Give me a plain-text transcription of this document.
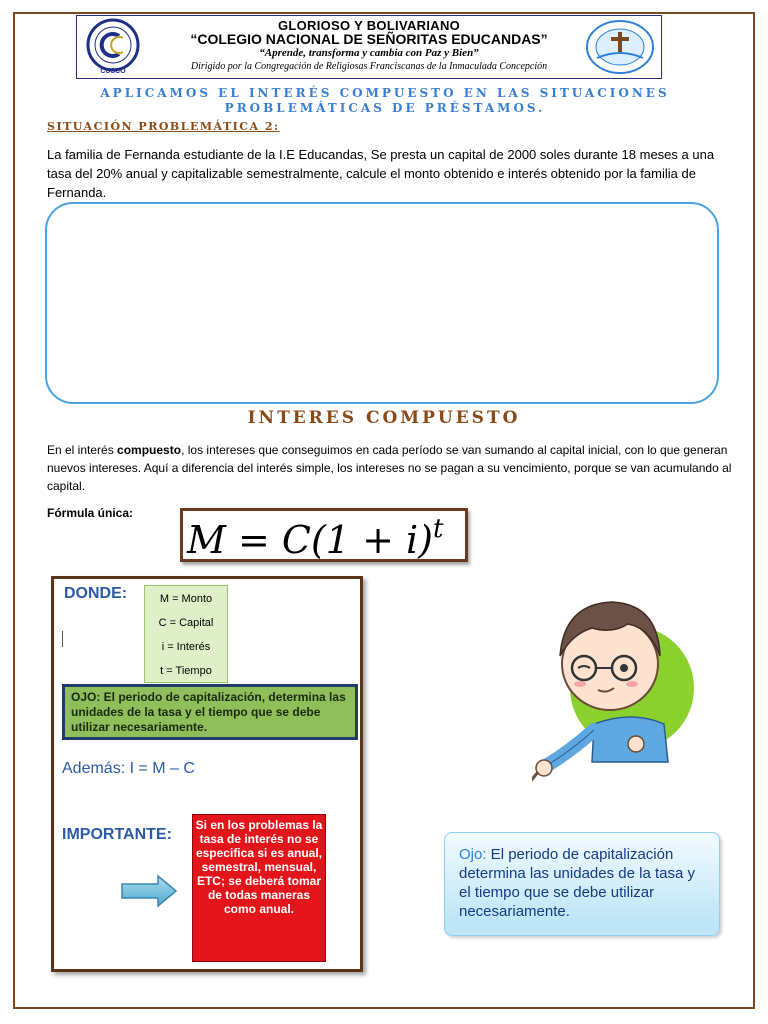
CUSCO
GLORIOSO Y BOLIVARIANO
“COLEGIO NACIONAL DE SEÑORITAS EDUCANDAS”
“Aprende, transforma y cambia con Paz y Bien”
Dirigido por la Congregación de Religiosas Franciscanas de la Inmaculada Concepción
APLICAMOS EL INTERÉS COMPUESTO EN LAS SITUACIONES PROBLEMÁTICAS DE PRÉSTAMOS.
SITUACIÓN PROBLEMÁTICA 2:
La familia de Fernanda estudiante de la I.E Educandas, Se presta un capital de 2000 soles durante 18 meses a una tasa del 20% anual y capitalizable semestralmente, calcule el monto obtenido e interés obtenido por la familia de Fernanda.
INTERES COMPUESTO
En el interés compuesto, los intereses que conseguimos en cada período se van sumando al capital inicial, con lo que generan nuevos intereses. Aquí a diferencia del interés simple, los intereses no se pagan a su vencimiento, porque se van acumulando al capital.
Fórmula única:
$M = C(1 + i)^t$
DONDE:	M = Monto
C = Capital
i = Interés
t = Tiempo
OJO: El periodo de capitalización, determina las unidades de la tasa y el tiempo que se debe utilizar necesariamente.
Además: I = M – C
IMPORTANTE:
Si en los problemas la tasa de interés no se especifica si es anual, semestral, mensual, ETC; se deberá tomar de todas maneras como anual.
Ojo: El periodo de capitalización determina las unidades de la tasa y el tiempo que se debe utilizar necesariamente.
